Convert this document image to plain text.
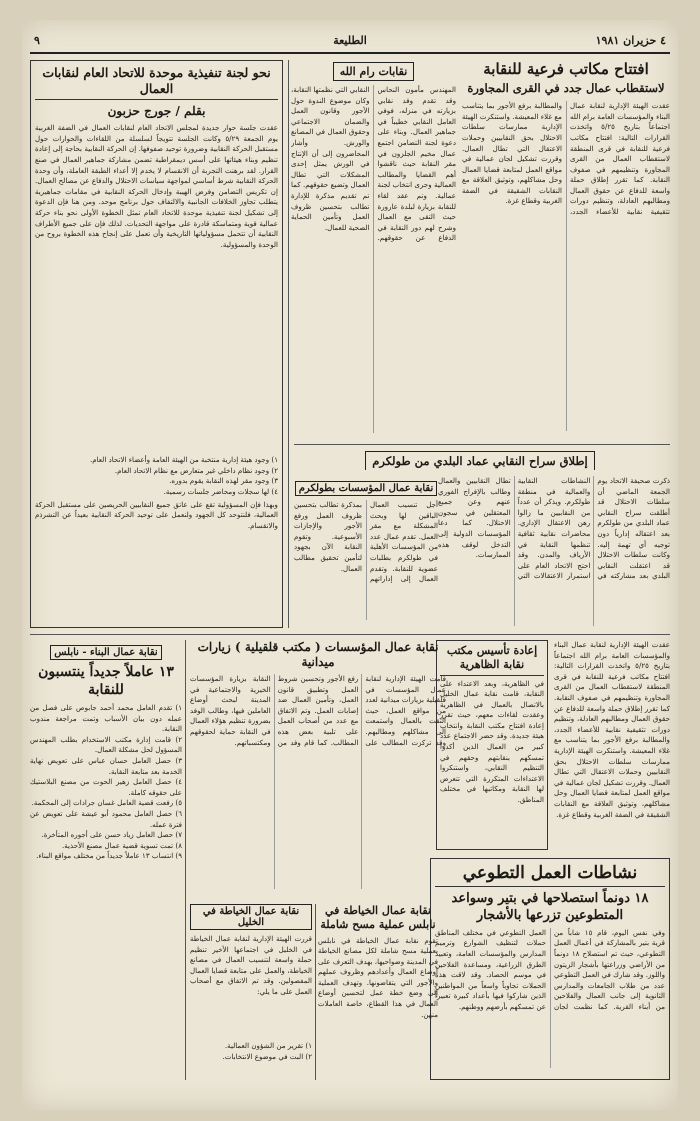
٩	الطليعة	٤ حزيران ١٩٨١
افتتاح مكاتب فرعية للنقابة
لاستقطاب عمال جدد في القرى المجاورة
عقدت الهيئة الإدارية لنقابة عمال البناء والمؤسسات العامة برام الله اجتماعاً بتاريخ ٥/٢٥ واتخذت القرارات التالية: افتتاح مكاتب فرعية للنقابة في قرى المنطقة لاستقطاب العمال من القرى المجاورة وتنظيمهم في صفوف النقابة. كما تقرر إطلاق حملة واسعة للدفاع عن حقوق العمال ومطالبهم العادلة، وتنظيم دورات تثقيفية نقابية للأعضاء الجدد، والمطالبة برفع الأجور بما يتناسب مع غلاء المعيشة. واستنكرت الهيئة الإدارية ممارسات سلطات الاحتلال بحق النقابيين وحملات الاعتقال التي تطال العمال. وقررت تشكيل لجان عمالية في مواقع العمل لمتابعة قضايا العمال وحل مشاكلهم، وتوثيق العلاقة مع النقابات الشقيقة في الضفة الغربية وقطاع غزة.
نقابات رام الله
المهندس مأمون النحاس وقد تقدم وفد نقابي بزيارته في منزله، فوفي العامل النقابي خطيباً في جماهير العمال. وبناء على دعوة لجنة التضامن اجتمع عمال مخيم الجلزون في مقر النقابة حيث ناقشوا أهم القضايا والمطالب العمالية وجرى انتخاب لجنة عمالية. وتم عقد لقاء للنقابة بزيارة لبلدة عارورة حيث التقى مع العمال وشرح لهم دور النقابة في الدفاع عن حقوقهم. النقابي التي نظمتها النقابة، وكان موضوع الندوة حول الأجور وقانون العمل والضمان الاجتماعي وحقوق العمال في المصانع والورش. وأشار المحاضرون إلى أن الإنتاج في الورش يمثل إحدى المشكلات التي تطال العمال وتضيع حقوقهم. كما تم تقديم مذكرة للإدارة تطالب بتحسين ظروف العمل وتأمين الحماية الصحية للعمال.
نحو لجنة تنفيذية موحدة للاتحاد العام لنقابات العمال
بقلم / جورج حزبون
عقدت جلسة حوار جديدة لمجلس الاتحاد العام لنقابات العمال في الضفة الغربية يوم الجمعة ٥/٢٩ وكانت الجلسة تتويجاً لسلسلة من اللقاءات والحوارات حول مستقبل الحركة النقابية وضرورة توحيد صفوفها. إن الحركة النقابية بحاجة إلى إعادة تنظيم وبناء هيئاتها على أسس ديمقراطية تضمن مشاركة جماهير العمال في صنع القرار. لقد برهنت التجربة أن الانقسام لا يخدم إلا أعداء الطبقة العاملة، وأن وحدة الحركة النقابية شرط أساسي لمواجهة سياسات الاحتلال والدفاع عن مصالح العمال. إن تكريس التضامن وفرض الهيبة وإدخال الحركة النقابية في مقامات جماهيرية يتطلب تجاوز الخلافات الجانبية والالتفاف حول برنامج موحد. ومن هنا فإن الدعوة إلى تشكيل لجنة تنفيذية موحدة للاتحاد العام تمثل الخطوة الأولى نحو بناء حركة عمالية قوية ومتماسكة قادرة على مواجهة التحديات. لذلك فإن على جميع الأطراف النقابية أن تتحمل مسؤولياتها التاريخية وأن تعمل على إنجاح هذه الخطوة بروح من الوحدة والمسؤولية.
١) وجود هيئة إدارية منتخبة من الهيئة العامة وأعضاء الاتحاد العام.
٢) وجود نظام داخلي غير متعارض مع نظام الاتحاد العام.
٣) وجود مقر لهذه النقابة يقوم بدوره.
٤) لها سجلات ومحاضر جلسات رسمية.
وبهذا فإن المسؤولية تقع على عاتق جميع النقابيين الحريصين على مستقبل الحركة العمالية، فلنتوحد كل الجهود ولنعمل على توحيد الحركة النقابية بعيداً عن التشرذم والانقسام.
إطلاق سراح النقابي عماد البلدي من طولكرم
ذكرت صحيفة الاتحاد يوم الجمعة الماضي أن سلطات الاحتلال قد أطلقت سراح النقابي عماد البلدي من طولكرم بعد اعتقاله إدارياً دون توجيه أي تهمة إليه. وكانت سلطات الاحتلال قد اعتقلت النقابي البلدي بعد مشاركته في النشاطات النقابية والعمالية في منطقة طولكرم. ويذكر أن عدداً من النقابيين ما زالوا رهن الاعتقال الإداري. محاضرات نقابية ثقافية تنظمها النقابة في الأرياف والمدن. وقد احتج الاتحاد العام على استمرار الاعتقالات التي تطال النقابيين والعمال وطالب بالإفراج الفوري عنهم وعن جميع المعتقلين في سجون الاحتلال. كما دعا المؤسسات الدولية إلى التدخل لوقف هذه الممارسات.
نقابة عمال المؤسسات بطولكرم
أجل تنسيب العمال الباقين لها وبحث المشكلة مع مقر العمل. تقدم عمال عدد من المؤسسات الأهلية في طولكرم بطلبات عضوية للنقابة. وتقدم العمال إلى إداراتهم بمذكرة تطالب بتحسين ظروف العمل ورفع الأجور والإجازات الأسبوعية. وتقوم النقابة الآن بجهود لتأمين تحقيق مطالب العمال.
عقدت الهيئة الإدارية لنقابة عمال البناء والمؤسسات العامة برام الله اجتماعاً بتاريخ ٥/٢٥ واتخذت القرارات التالية: افتتاح مكاتب فرعية للنقابة في قرى المنطقة لاستقطاب العمال من القرى المجاورة وتنظيمهم في صفوف النقابة. كما تقرر إطلاق حملة واسعة للدفاع عن حقوق العمال ومطالبهم العادلة، وتنظيم دورات تثقيفية نقابية للأعضاء الجدد، والمطالبة برفع الأجور بما يتناسب مع غلاء المعيشة. واستنكرت الهيئة الإدارية ممارسات سلطات الاحتلال بحق النقابيين وحملات الاعتقال التي تطال العمال. وقررت تشكيل لجان عمالية في مواقع العمل لمتابعة قضايا العمال وحل مشاكلهم، وتوثيق العلاقة مع النقابات الشقيقة في الضفة الغربية وقطاع غزة.
إعادة تأسيس مكتب نقابة الظاهرية
في الظاهرية، وبعد الاعتداء على النقابة، قامت نقابة عمال الخليل بالاتصال بالعمال في الظاهرية وعقدت لقاءات معهم، حيث تقرر إعادة افتتاح مكتب النقابة وانتخاب هيئة جديدة. وقد حضر الاجتماع عدد كبير من العمال الذين أكدوا تمسكهم بنقابتهم وحقهم في التنظيم النقابي، واستنكروا الاعتداءات المتكررة التي تتعرض لها النقابة ومكاتبها في مختلف المناطق.
نقابة عمال المؤسسات ( مكتب قلقيلية ) زيارات ميدانية
قامت الهيئة الإدارية لنقابة عمال المؤسسات في قلقيلية بزيارات ميدانية لعدد من مواقع العمل، حيث التقت بالعمال واستمعت إلى مشاكلهم ومطالبهم. وقد تركزت المطالب على رفع الأجور وتحسين شروط العمل وتطبيق قانون العمل، وتأمين العمال ضد إصابات العمل. وتم الاتفاق مع عدد من أصحاب العمل على تلبية بعض هذه المطالب. كما قام وفد من النقابة بزيارة المؤسسات الخيرية والاجتماعية في المدينة لبحث أوضاع العاملين فيها، وطالب الوفد بضرورة تنظيم هؤلاء العمال في النقابة حماية لحقوقهم ومكتسباتهم.
نقابة عمال البناء - نابلس
١٣ عاملاً جديداً ينتسبون للنقابة
١) تقدم العامل محمد أحمد جابوص على فصل من عمله دون بيان الأسباب وتمت مراجعة مندوب النقابة.
٢) قامت إدارة مكتب الاستخدام بطلب المهندس المسؤول لحل مشكلة العمال.
٣) حصل العامل حسان عباس على تعويض نهاية الخدمة بعد متابعة النقابة.
٤) حصل العامل زهير الحوت من مصنع البلاستيك على حقوقه كاملة.
٥) رفعت قضية العامل غسان جرادات إلى المحكمة.
٦) حصل العامل محمود أبو عيشة على تعويض عن فترة عمله.
٧) حصل العامل زياد حسن على أجوره المتأخرة.
٨) تمت تسوية قضية عمال مصنع الأحذية.
٩) انتساب ١٣ عاملاً جديداً من مختلف مواقع البناء.
نشاطات العمل التطوعي
١٨ دونماً استصلاحها في بتير وسواعد المتطوعين تزرعها بالأشجار
وفي نفس اليوم، قام ١٥ شاباً من قرية بتير بالمشاركة في أعمال العمل التطوعي، حيث تم استصلاح ١٨ دونماً من الأراضي وزراعتها بأشجار الزيتون واللوز. وقد شارك في العمل التطوعي عدد من طلاب الجامعات والمدارس الثانوية إلى جانب العمال والفلاحين من أبناء القرية. كما نظمت لجان العمل التطوعي في مختلف المناطق حملات لتنظيف الشوارع وترميم المدارس والمؤسسات العامة، وتعبيد الطرق الزراعية، ومساعدة الفلاحين في موسم الحصاد. وقد لاقت هذه الحملات تجاوباً واسعاً من المواطنين الذين شاركوا فيها بأعداد كبيرة تعبيراً عن تمسكهم بأرضهم ووطنهم.
نقابة عمال الخياطة في نابلس عملية مسح شاملة
تقوم نقابة عمال الخياطة في نابلس بعملية مسح شاملة لكل مصانع الخياطة في المدينة وضواحيها، بهدف التعرف على أوضاع العمال وأعدادهم وظروف عملهم والأجور التي يتقاضونها. وتهدف العملية إلى وضع خطة عمل لتحسين أوضاع العمال في هذا القطاع، خاصة العاملات منهن.
نقابة عمال الخياطة في الخليل
قررت الهيئة الإدارية لنقابة عمال الخياطة في الخليل في اجتماعها الأخير تنظيم حملة واسعة لتنسيب العمال في مصانع الخياطة، والعمل على متابعة قضايا العمال المفصولين. وقد تم الاتفاق مع أصحاب العمل على ما يلي:
١) تقرير من الشؤون العمالية.
٢) البت في موضوع الانتخابات.
